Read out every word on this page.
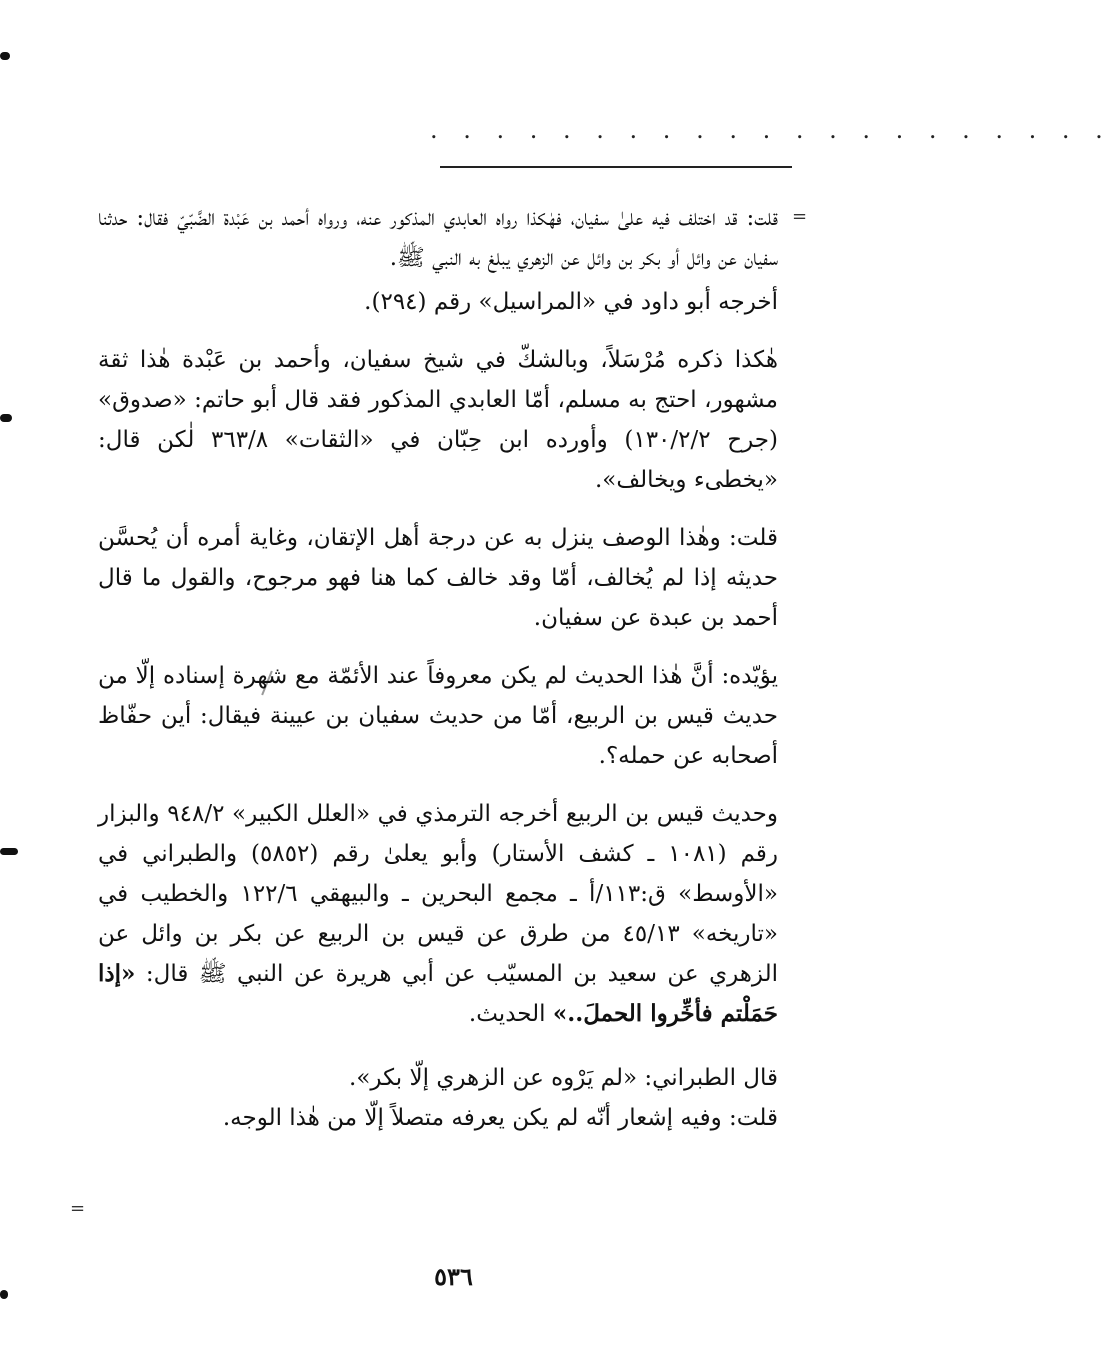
. . . . . . . . . . . . . . . . . . . . .
=

قلت: قد اختلف فيه علىٰ سفيان، فهٰكذا رواه العابدي المذكور عنه، ورواه أحمد بن عَبْدة الضَّبّيّ فقال: حدثنا سفيان عن وائل أو بكر بن وائل عن الزهري يبلغ به النبي ﷺ.

أخرجه أبو داود في «المراسيل» رقم (٢٩٤).

هٰكذا ذكره مُرْسَلاً، وبالشكّ في شيخ سفيان، وأحمد بن عَبْدة هٰذا ثقة مشهور، احتج به مسلم، أمّا العابدي المذكور فقد قال أبو حاتم: «صدوق» (جرح ١٣٠/٢/٢) وأورده ابن حِبّان في «الثقات» ٣٦٣/٨ لٰكن قال: «يخطىء ويخالف».

قلت: وهٰذا الوصف ينزل به عن درجة أهل الإتقان، وغاية أمره أن يُحسَّن حديثه إذا لم يُخالف، أمّا وقد خالف كما هنا فهو مرجوح، والقول ما قال أحمد بن عبدة عن سفيان.

يؤيّده: أنَّ هٰذا الحديث لم يكن معروفاً عند الأئمّة مع شهرة إسناده إلّا من حديث قيس بن الربيع، أمّا من حديث سفيان بن عيينة فيقال: أين حفّاظ أصحابه عن حمله؟.

وحديث قيس بن الربيع أخرجه الترمذي في «العلل الكبير» ٩٤٨/٢ والبزار رقم (١٠٨١ ـ كشف الأستار) وأبو يعلىٰ رقم (٥٨٥٢) والطبراني في «الأوسط» ق:١١٣/أ ـ مجمع البحرين ـ والبيهقي ١٢٢/٦ والخطيب في «تاريخه» ٤٥/١٣ من طرق عن قيس بن الربيع عن بكر بن وائل عن الزهري عن سعيد بن المسيّب عن أبي هريرة عن النبي ﷺ قال: «إذا حَمَلْتم فأخِّروا الحملَ..» الحديث.

قال الطبراني: «لم يَرْوه عن الزهري إلّا بكر».

قلت: وفيه إشعار أنّه لم يكن يعرفه متصلاً إلّا من هٰذا الوجه.

=
٥٣٦
